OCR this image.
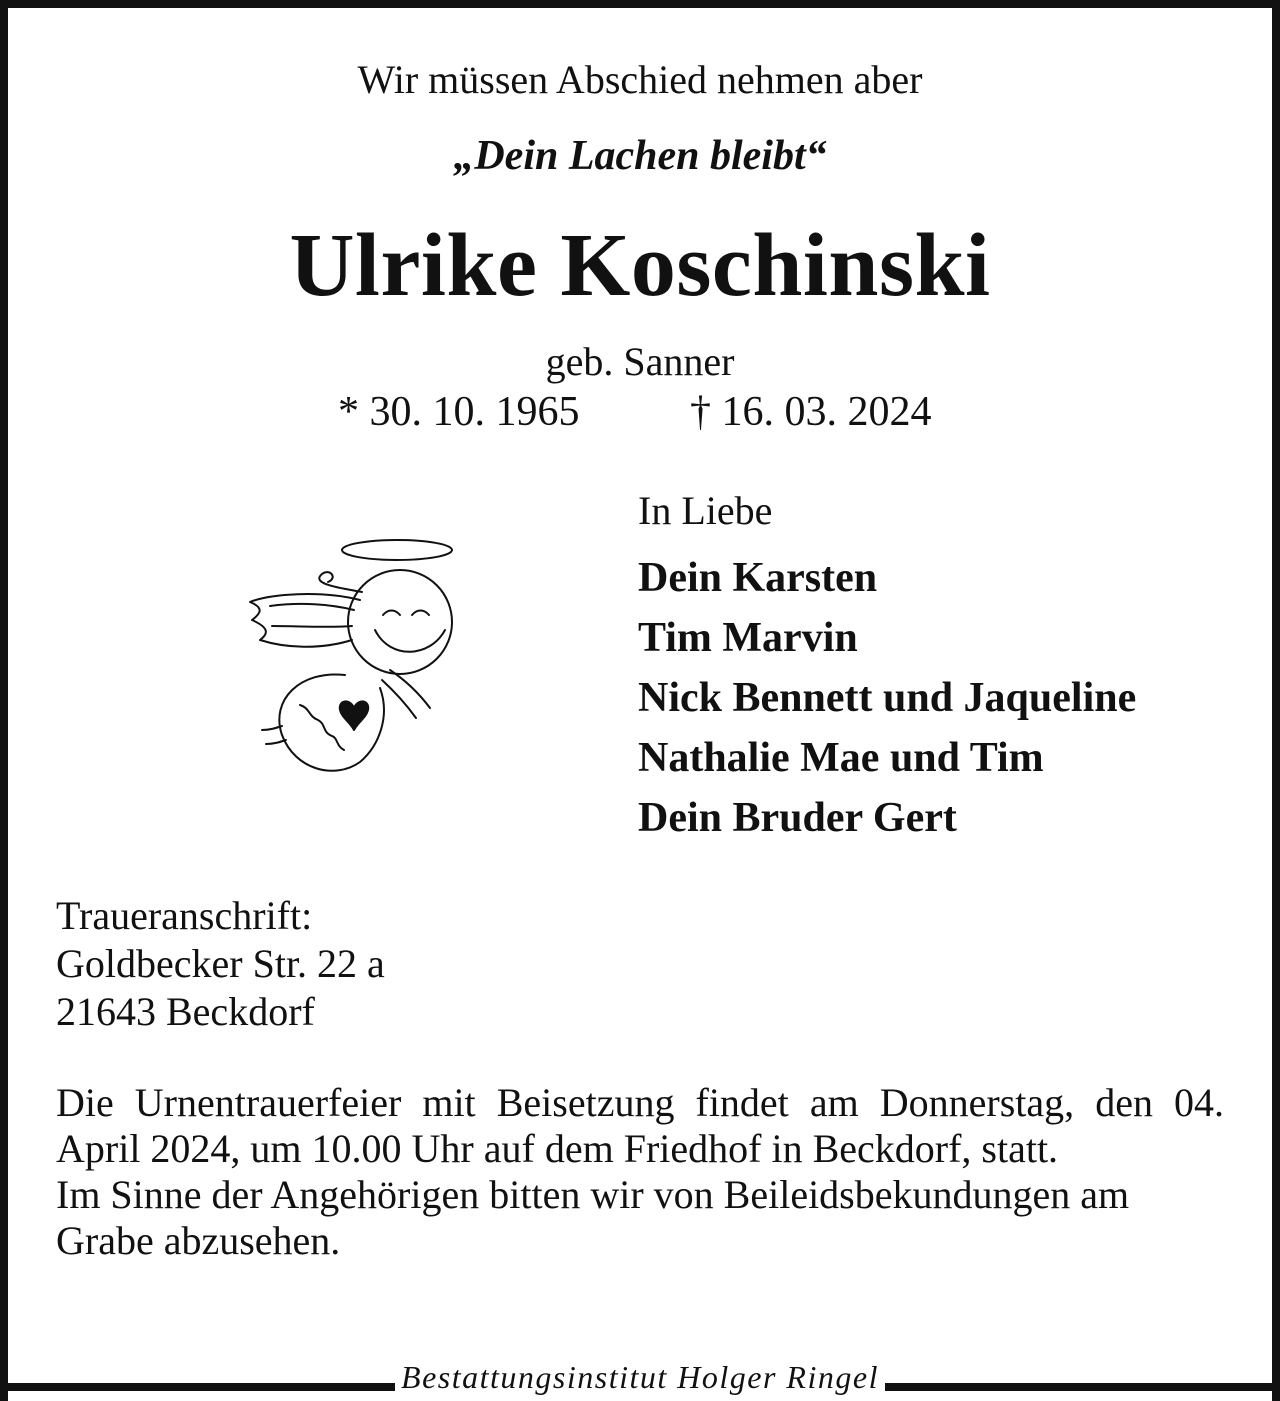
Wir müssen Abschied nehmen aber
„Dein Lachen bleibt“
Ulrike Koschinski
geb. Sanner
* 30. 10. 1965	† 16. 03. 2024
In Liebe
Dein Karsten
Tim Marvin
Nick Bennett und Jaqueline
Nathalie Mae und Tim
Dein Bruder Gert
Traueranschrift:
Goldbecker Str. 22 a
21643 Beckdorf

Die Urnentrauerfeier mit Beisetzung findet am Donnerstag, den 04. April 2024, um 10.00 Uhr auf dem Friedhof in Beckdorf, statt.

Im Sinne der Angehörigen bitten wir von Beileidsbekundungen am Grabe abzusehen.

Bestattungsinstitut Holger Ringel
